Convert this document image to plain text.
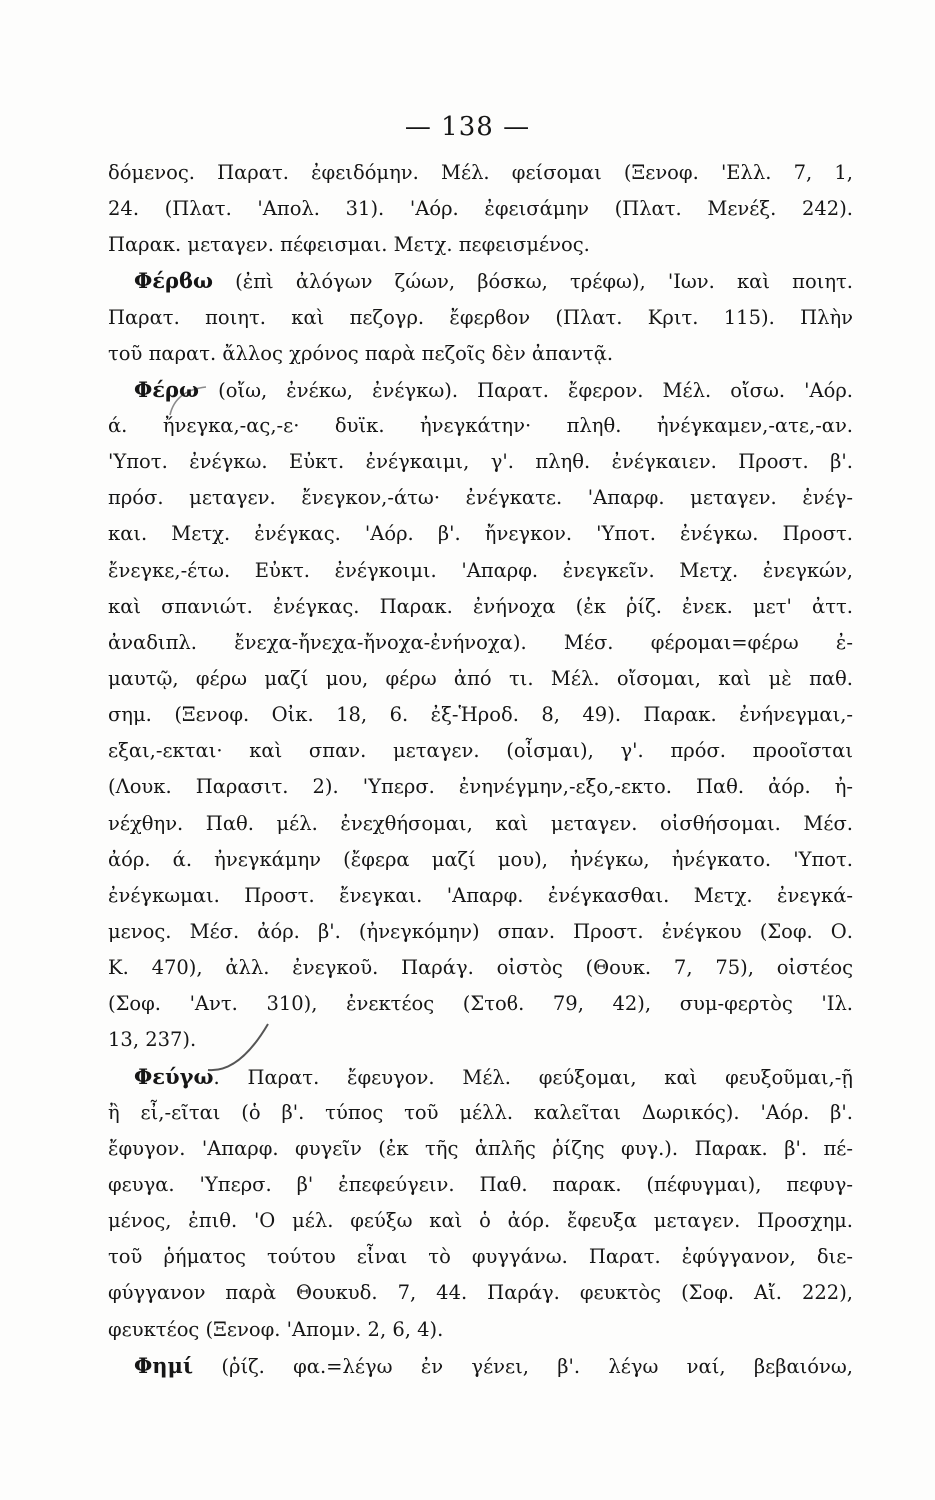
— 138 —
δόμενος. Παρατ. ἐφειδόμην. Μέλ. φείσομαι (Ξενοφ. 'Ελλ. 7, 1,
24. (Πλατ. 'Απολ. 31). 'Αόρ. ἐφεισάμην (Πλατ. Μενέξ. 242).
Παρακ. μεταγεν. πέφεισμαι. Μετχ. πεφεισμένος.
Φέρϐω (ἐπὶ ἀλόγων ζώων, βόσκω, τρέφω), 'Ιων. καὶ ποιητ.
Παρατ. ποιητ. καὶ πεζογρ. ἔφερϐον (Πλατ. Κριτ. 115). Πλὴν
τοῦ παρατ. ἄλλος χρόνος παρὰ πεζοῖς δὲν ἀπαντᾷ.
Φέρω (οἴω, ἐνέκω, ἐνέγκω). Παρατ. ἔφερον. Μέλ. οἴσω. 'Αόρ.
ά. ἤνεγκα,-ας,-ε· δυϊκ. ἠνεγκάτην· πληθ. ἠνέγκαμεν,-ατε,-αν.
'Υποτ. ἐνέγκω. Εὐκτ. ἐνέγκαιμι, γ'. πληθ. ἐνέγκαιεν. Προστ. β'.
πρόσ. μεταγεν. ἔνεγκον,-άτω· ἐνέγκατε. 'Απαρφ. μεταγεν. ἐνέγ-
και. Μετχ. ἐνέγκας. 'Αόρ. β'. ἤνεγκον. 'Υποτ. ἐνέγκω. Προστ.
ἔνεγκε,-έτω. Εὐκτ. ἐνέγκοιμι. 'Απαρφ. ἐνεγκεῖν. Μετχ. ἐνεγκών,
καὶ σπανιώτ. ἐνέγκας. Παρακ. ἐνήνοχα (ἐκ ῥίζ. ἐνεκ. μετ' ἀττ.
ἀναδιπλ. ἔνεχα-ἤνεχα-ἤνοχα-ἐνήνοχα). Μέσ. φέρομαι=φέρω ἐ-
μαυτῷ, φέρω μαζί μου, φέρω ἀπό τι. Μέλ. οἴσομαι, καὶ μὲ παθ.
σημ. (Ξενοφ. Οἰκ. 18, 6. ἐξ-Ἡροδ. 8, 49). Παρακ. ἐνήνεγμαι,-
εξαι,-εκται· καὶ σπαν. μεταγεν. (οἶσμαι), γ'. πρόσ. προοῖσται
(Λουκ. Παρασιτ. 2). 'Υπερσ. ἐνηνέγμην,-εξο,-εκτο. Παθ. ἀόρ. ἠ-
νέχθην. Παθ. μέλ. ἐνεχθήσομαι, καὶ μεταγεν. οἰσθήσομαι. Μέσ.
ἀόρ. ά. ἠνεγκάμην (ἔφερα μαζί μου), ἠνέγκω, ἠνέγκατο. 'Υποτ.
ἐνέγκωμαι. Προστ. ἔνεγκαι. 'Απαρφ. ἐνέγκασθαι. Μετχ. ἐνεγκά-
μενος. Μέσ. ἀόρ. β'. (ἠνεγκόμην) σπαν. Προστ. ἐνέγκου (Σοφ. Ο.
Κ. 470), ἀλλ. ἐνεγκοῦ. Παράγ. οἰστὸς (Θουκ. 7, 75), οἰστέος
(Σοφ. 'Αντ. 310), ἐνεκτέος (Στοϐ. 79, 42), συμ-φερτὸς 'Ιλ.
13, 237).
Φεύγω. Παρατ. ἔφευγον. Μέλ. φεύξομαι, καὶ φευξοῦμαι,-ῇ
ἢ εἶ,-εῖται (ὁ β'. τύπος τοῦ μέλλ. καλεῖται Δωρικός). 'Αόρ. β'.
ἔφυγον. 'Απαρφ. φυγεῖν (ἐκ τῆς ἁπλῆς ῥίζης φυγ.). Παρακ. β'. πέ-
φευγα. 'Υπερσ. β' ἐπεφεύγειν. Παθ. παρακ. (πέφυγμαι), πεφυγ-
μένος, ἐπιθ. 'Ο μέλ. φεύξω καὶ ὁ ἀόρ. ἔφευξα μεταγεν. Προσχημ.
τοῦ ῥήματος τούτου εἶναι τὸ φυγγάνω. Παρατ. ἐφύγγανον, διε-
φύγγανον παρὰ Θουκυδ. 7, 44. Παράγ. φευκτὸς (Σοφ. Αἴ. 222),
φευκτέος (Ξενοφ. 'Απομν. 2, 6, 4).
Φημί (ῥίζ. φα.=λέγω ἐν γένει, β'. λέγω ναί, βεβαιόνω,
